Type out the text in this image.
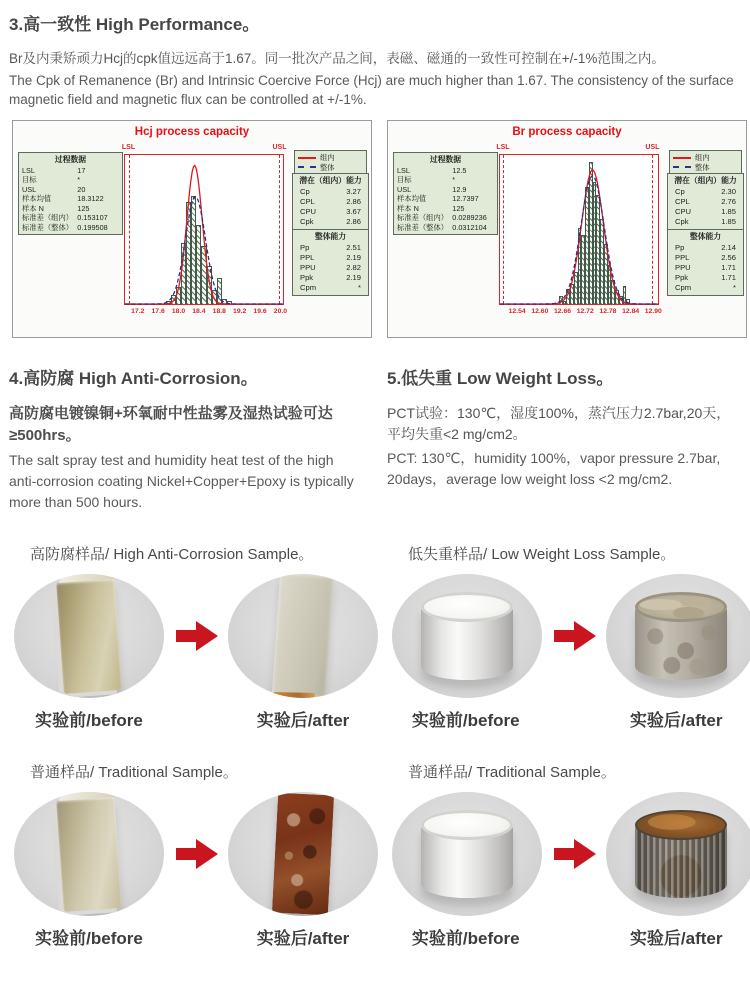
3.高一致性 High Performance。

Br及内秉矫顽力Hcj的cpk值远远高于1.67。同一批次产品之间，表磁、磁通的一致性可控制在+/-1%范围之内。

The Cpk of Remanence (Br) and Intrinsic Coercive Force (Hcj) are much higher than 1.67. The consistency of the surface magnetic field and magnetic flux can be controlled at +/-1%.

Hcj process capacity
过程数据
LSL	17
目标	*
USL	20
样本均值	18.3122
样本 N	125
标准差（组内） 0.153107
标准差（整体） 0.199508
LSL	USL
17.2 17.6 18.0 18.4 18.8 19.2 19.6 20.0
组内
整体
潜在（组内）能力
Cp	3.27
CPL	2.86
CPU	3.67
Cpk	2.86
整体能力
Pp	2.51
PPL	2.19
PPU	2.82
Ppk	2.19
Cpm	*
Br process capacity
过程数据
LSL	12.5
目标	*
USL	12.9
样本均值	12.7397
样本 N	125
标准差（组内） 0.0289236
标准差（整体） 0.0312104
LSL	USL
12.54 12.60 12.66 12.72 12.78 12.84 12.90
组内
整体
潜在（组内）能力
Cp	2.30
CPL	2.76
CPU	1.85
Cpk	1.85
整体能力
Pp	2.14
PPL	2.56
PPU	1.71
Ppk	1.71
Cpm	*
4.高防腐 High Anti-Corrosion。

高防腐电镀镍铜+环氧耐中性盐雾及湿热试验可达≥500hrs。

The salt spray test and humidity heat test of the high anti-corrosion coating Nickel+Copper+Epoxy is typically more than 500 hours.

5.低失重 Low Weight Loss。

PCT试验：130℃，湿度100%，蒸汽压力2.7bar,20天，平均失重<2 mg/cm2。

PCT: 130℃，humidity 100%，vapor pressure 2.7bar, 20days，average low weight loss <2 mg/cm2.

高防腐样品/ High Anti-Corrosion Sample。
实验前/before	实验后/after
低失重样品/ Low Weight Loss Sample。
实验前/before	实验后/after
普通样品/ Traditional Sample。
实验前/before	实验后/after
普通样品/ Traditional Sample。
实验前/before	实验后/after
